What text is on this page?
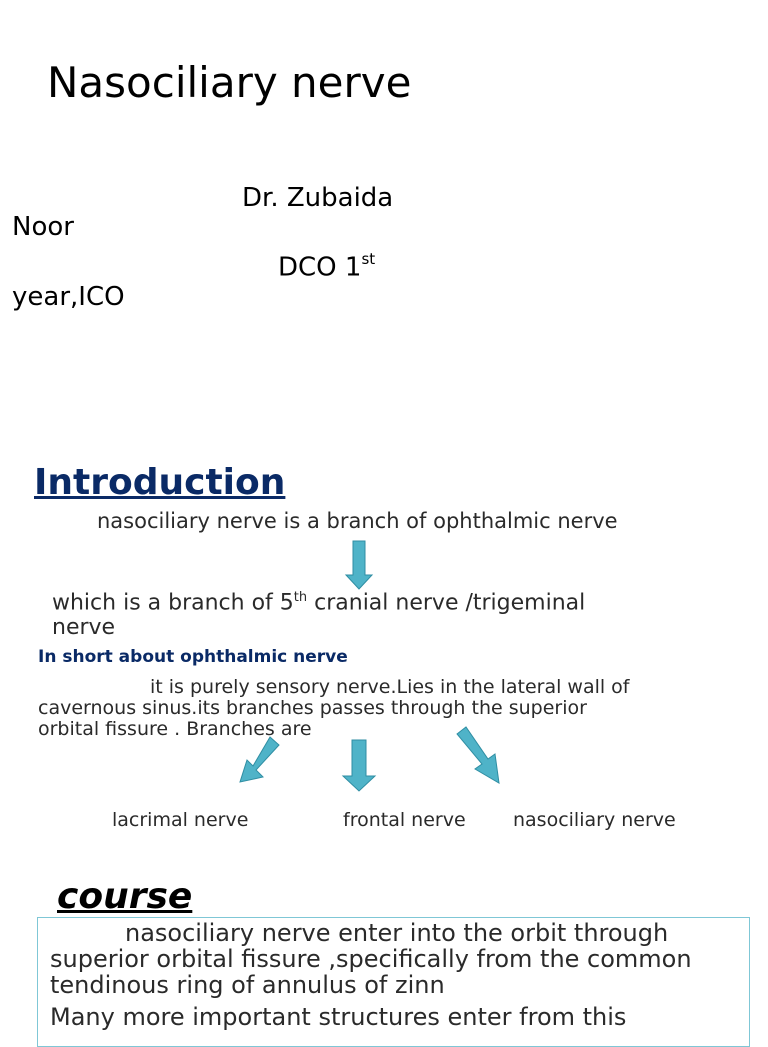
Nasociliary nerve
Dr. Zubaida
Noor
DCO 1st
year,ICO
Introduction
nasociliary nerve is a branch of ophthalmic nerve
which is a branch of 5th cranial nerve /trigeminal
nerve
In short about ophthalmic nerve
it is purely sensory nerve.Lies in the lateral wall of
cavernous sinus.its branches passes through the superior
orbital fissure . Branches are
lacrimal nerve	frontal nerve nasociliary nerve
course
nasociliary nerve enter into the orbit through
superior orbital fissure ,specifically from the common
tendinous ring of annulus of zinn
Many more important structures enter from this
